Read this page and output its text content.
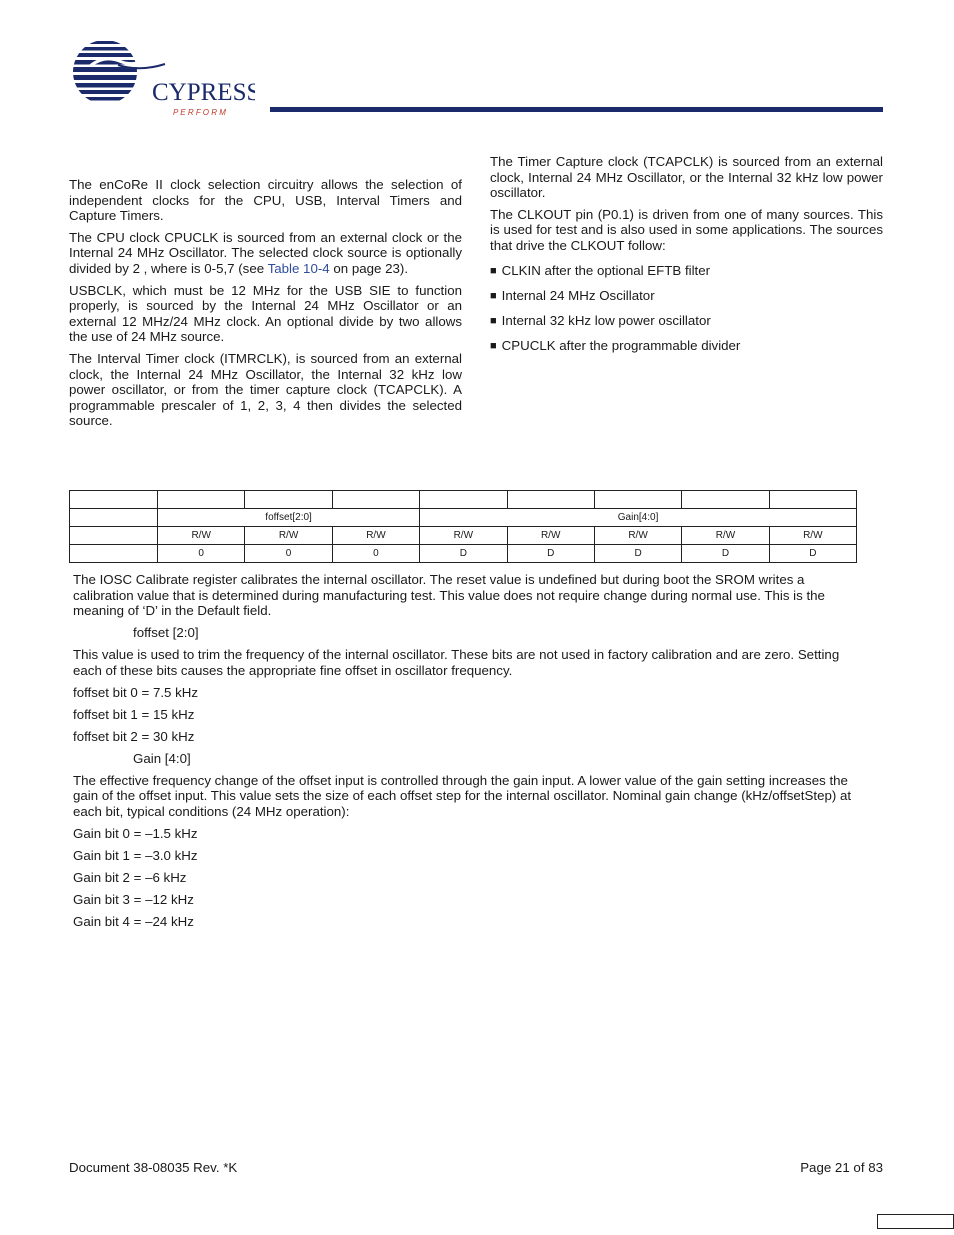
CYPRESS
P E R F O R M

The enCoRe II clock selection circuitry allows the selection of independent clocks for the CPU, USB, Interval Timers and Capture Timers.

The CPU clock CPUCLK is sourced from an external clock or the Internal 24 MHz Oscillator. The selected clock source is optionally divided by 2 , where is 0-5,7 (see Table 10-4 on page 23).

USBCLK, which must be 12 MHz for the USB SIE to function properly, is sourced by the Internal 24 MHz Oscillator or an external 12 MHz/24 MHz clock. An optional divide by two allows the use of 24 MHz source.

The Interval Timer clock (ITMRCLK), is sourced from an external clock, the Internal 24 MHz Oscillator, the Internal 32 kHz low power oscillator, or from the timer capture clock (TCAPCLK). A programmable prescaler of 1, 2, 3, 4 then divides the selected source.

The Timer Capture clock (TCAPCLK) is sourced from an external clock, Internal 24 MHz Oscillator, or the Internal 32 kHz low power oscillator.

The CLKOUT pin (P0.1) is driven from one of many sources. This is used for test and is also used in some applications. The sources that drive the CLKOUT follow:

■ CLKIN after the optional EFTB filter
■ Internal 24 MHz Oscillator
■ Internal 32 kHz low power oscillator
■ CPUCLK after the programmable divider

	foffset[2:0]			Gain[4:0]				
	R/W	R/W	R/W	R/W	R/W	R/W	R/W	R/W
	0	0	0	D	D	D	D	D

The IOSC Calibrate register calibrates the internal oscillator. The reset value is undefined but during boot the SROM writes a calibration value that is determined during manufacturing test. This value does not require change during normal use. This is the meaning of ‘D’ in the Default field.

foffset [2:0]

This value is used to trim the frequency of the internal oscillator. These bits are not used in factory calibration and are zero. Setting each of these bits causes the appropriate fine offset in oscillator frequency.

foffset bit 0 = 7.5 kHz

foffset bit 1 = 15 kHz

foffset bit 2 = 30 kHz

Gain [4:0]

The effective frequency change of the offset input is controlled through the gain input. A lower value of the gain setting increases the gain of the offset input. This value sets the size of each offset step for the internal oscillator. Nominal gain change (kHz/offsetStep) at each bit, typical conditions (24 MHz operation):

Gain bit 0 = –1.5 kHz

Gain bit 1 = –3.0 kHz

Gain bit 2 = –6 kHz

Gain bit 3 = –12 kHz

Gain bit 4 = –24 kHz

Document 38-08035 Rev. *K	Page 21 of 83
